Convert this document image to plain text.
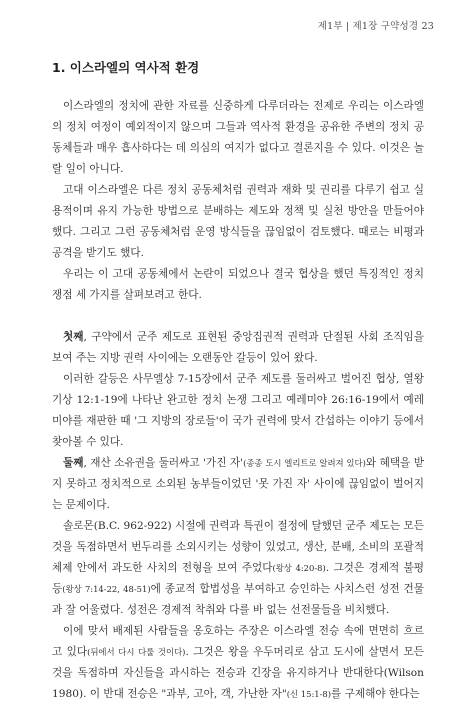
제1부 | 제1장 구약성경 23
1. 이스라엘의 역사적 환경

이스라엘의 정치에 관한 자료를 신중하게 다루더라는 전제로 우리는 이스라엘의 정치 여정이 예외적이지 않으며 그들과 역사적 환경을 공유한 주변의 정치 공동체들과 매우 흡사하다는 데 의심의 여지가 없다고 결론지을 수 있다. 이것은 놀랄 일이 아니다.

고대 이스라엘은 다른 정치 공동체처럼 권력과 재화 및 권리를 다루기 쉽고 실용적이며 유지 가능한 방법으로 분배하는 제도와 정책 및 실천 방안을 만들어야 했다. 그리고 그런 공동체처럼 운영 방식들을 끊임없이 검토했다. 때로는 비평과 공격을 받기도 했다.

우리는 이 고대 공동체에서 논란이 되었으나 결국 협상을 했던 특징적인 정치 쟁점 세 가지를 살펴보려고 한다.

첫째, 구약에서 군주 제도로 표현된 중앙집권적 권력과 단절된 사회 조직임을 보여 주는 지방 권력 사이에는 오랜동안 갈등이 있어 왔다.

이러한 갈등은 사무엘상 7-15장에서 군주 제도를 둘러싸고 벌어진 협상, 열왕기상 12:1-19에 나타난 완고한 정치 논쟁 그리고 예레미야 26:16-19에서 예레미야를 재판한 때 '그 지방의 장로들'이 국가 권력에 맞서 간섭하는 이야기 등에서 찾아볼 수 있다.

둘째, 재산 소유권을 둘러싸고 '가진 자'(종종 도시 엘리트로 알려져 있다)와 혜택을 받지 못하고 정치적으로 소외된 농부들이었던 '못 가진 자' 사이에 끊임없이 벌어지는 문제이다.

솔로몬(B.C. 962-922) 시절에 권력과 특권이 절정에 달했던 군주 제도는 모든 것을 독점하면서 번두리를 소외시키는 성향이 있었고, 생산, 분배, 소비의 포괄적 체제 안에서 과도한 사치의 전형을 보여 주었다(왕상 4:20-8). 그것은 경제적 불평등(왕상 7:14-22, 48-51)에 종교적 합법성을 부여하고 승인하는 사치스런 성전 건물과 잘 어울렸다. 성전은 경제적 착취와 다를 바 없는 선전물들을 비치했다.

이에 맞서 배제된 사람들을 옹호하는 주장은 이스라엘 전승 속에 면면히 흐르고 있다(뒤에서 다시 다룰 것이다). 그것은 왕을 우두머리로 삼고 도시에 살면서 모든 것을 독점하며 자신들을 과시하는 전승과 긴장을 유지하거나 반대한다(Wilson 1980). 이 반대 전승은 "과부, 고아, 객, 가난한 자"(신 15:1-8)를 구제해야 한다는
